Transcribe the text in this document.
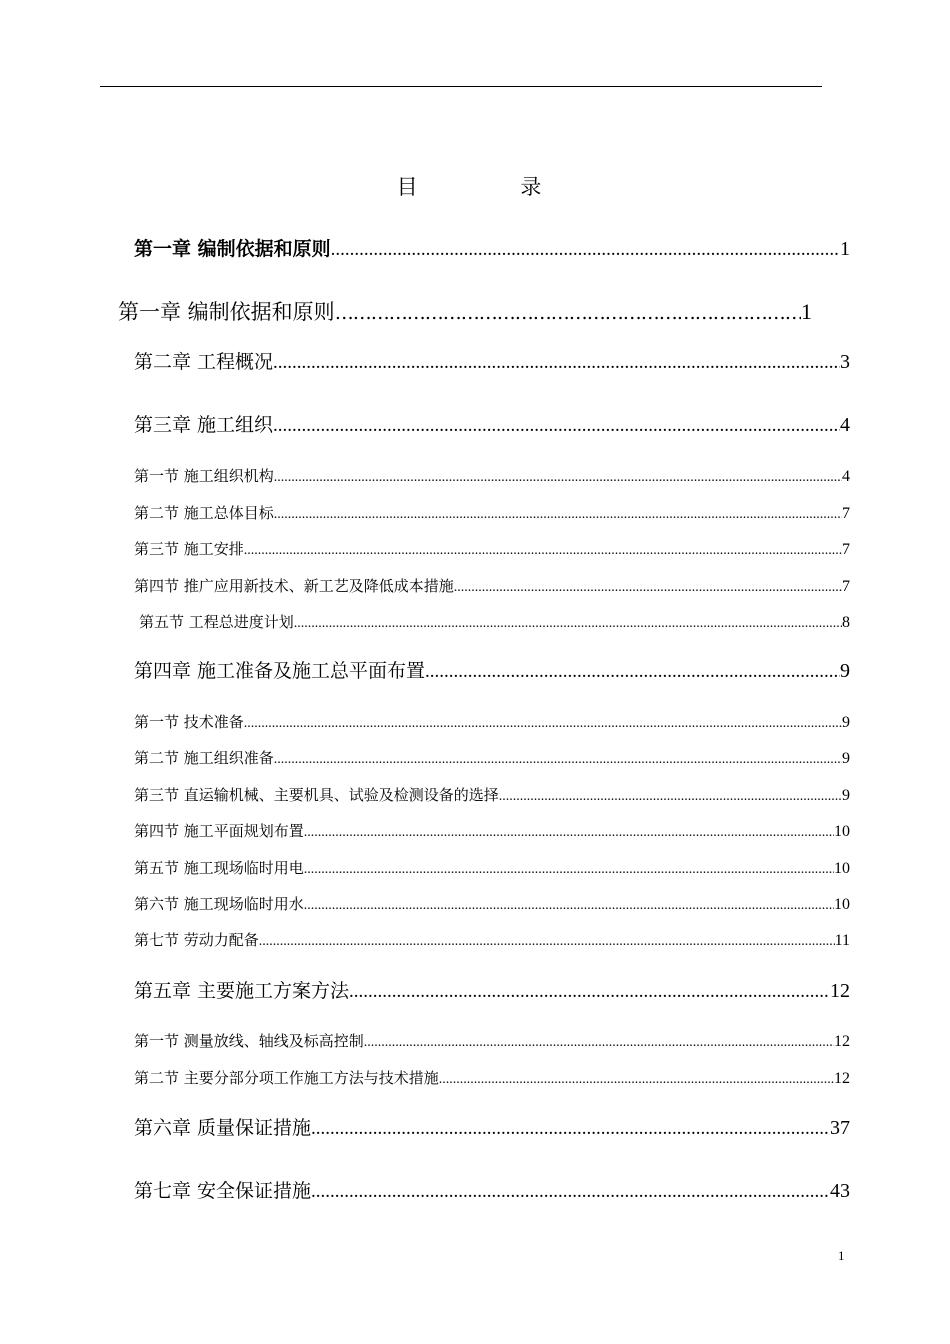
目 录
第一章 编制依据和原则 .....	1
第一章 编制依据和原则 ………………………………………………………………………………………………………………………………	1
第二章 工程概况 .....	3
第三章 施工组织 .....	4
第一节 施工组织机构 .....	4
第二节 施工总体目标 .....	7
第三节 施工安排 .....	7
第四节 推广应用新技术、新工艺及降低成本措施 .....	7
第五节 工程总进度计划 .....	8
第四章 施工准备及施工总平面布置 .....	9
第一节 技术准备 .....	9
第二节 施工组织准备 .....	9
第三节 直运输机械、主要机具、试验及检测设备的选择 .....	9
第四节 施工平面规划布置 .....	10
第五节 施工现场临时用电 .....	10
第六节 施工现场临时用水 .....	10
第七节 劳动力配备 .....	11
第五章 主要施工方案方法 .....	12
第一节 测量放线、轴线及标高控制 .....	12
第二节 主要分部分项工作施工方法与技术措施 .....	12
第六章 质量保证措施 .....	37
第七章 安全保证措施 .....	43
1
